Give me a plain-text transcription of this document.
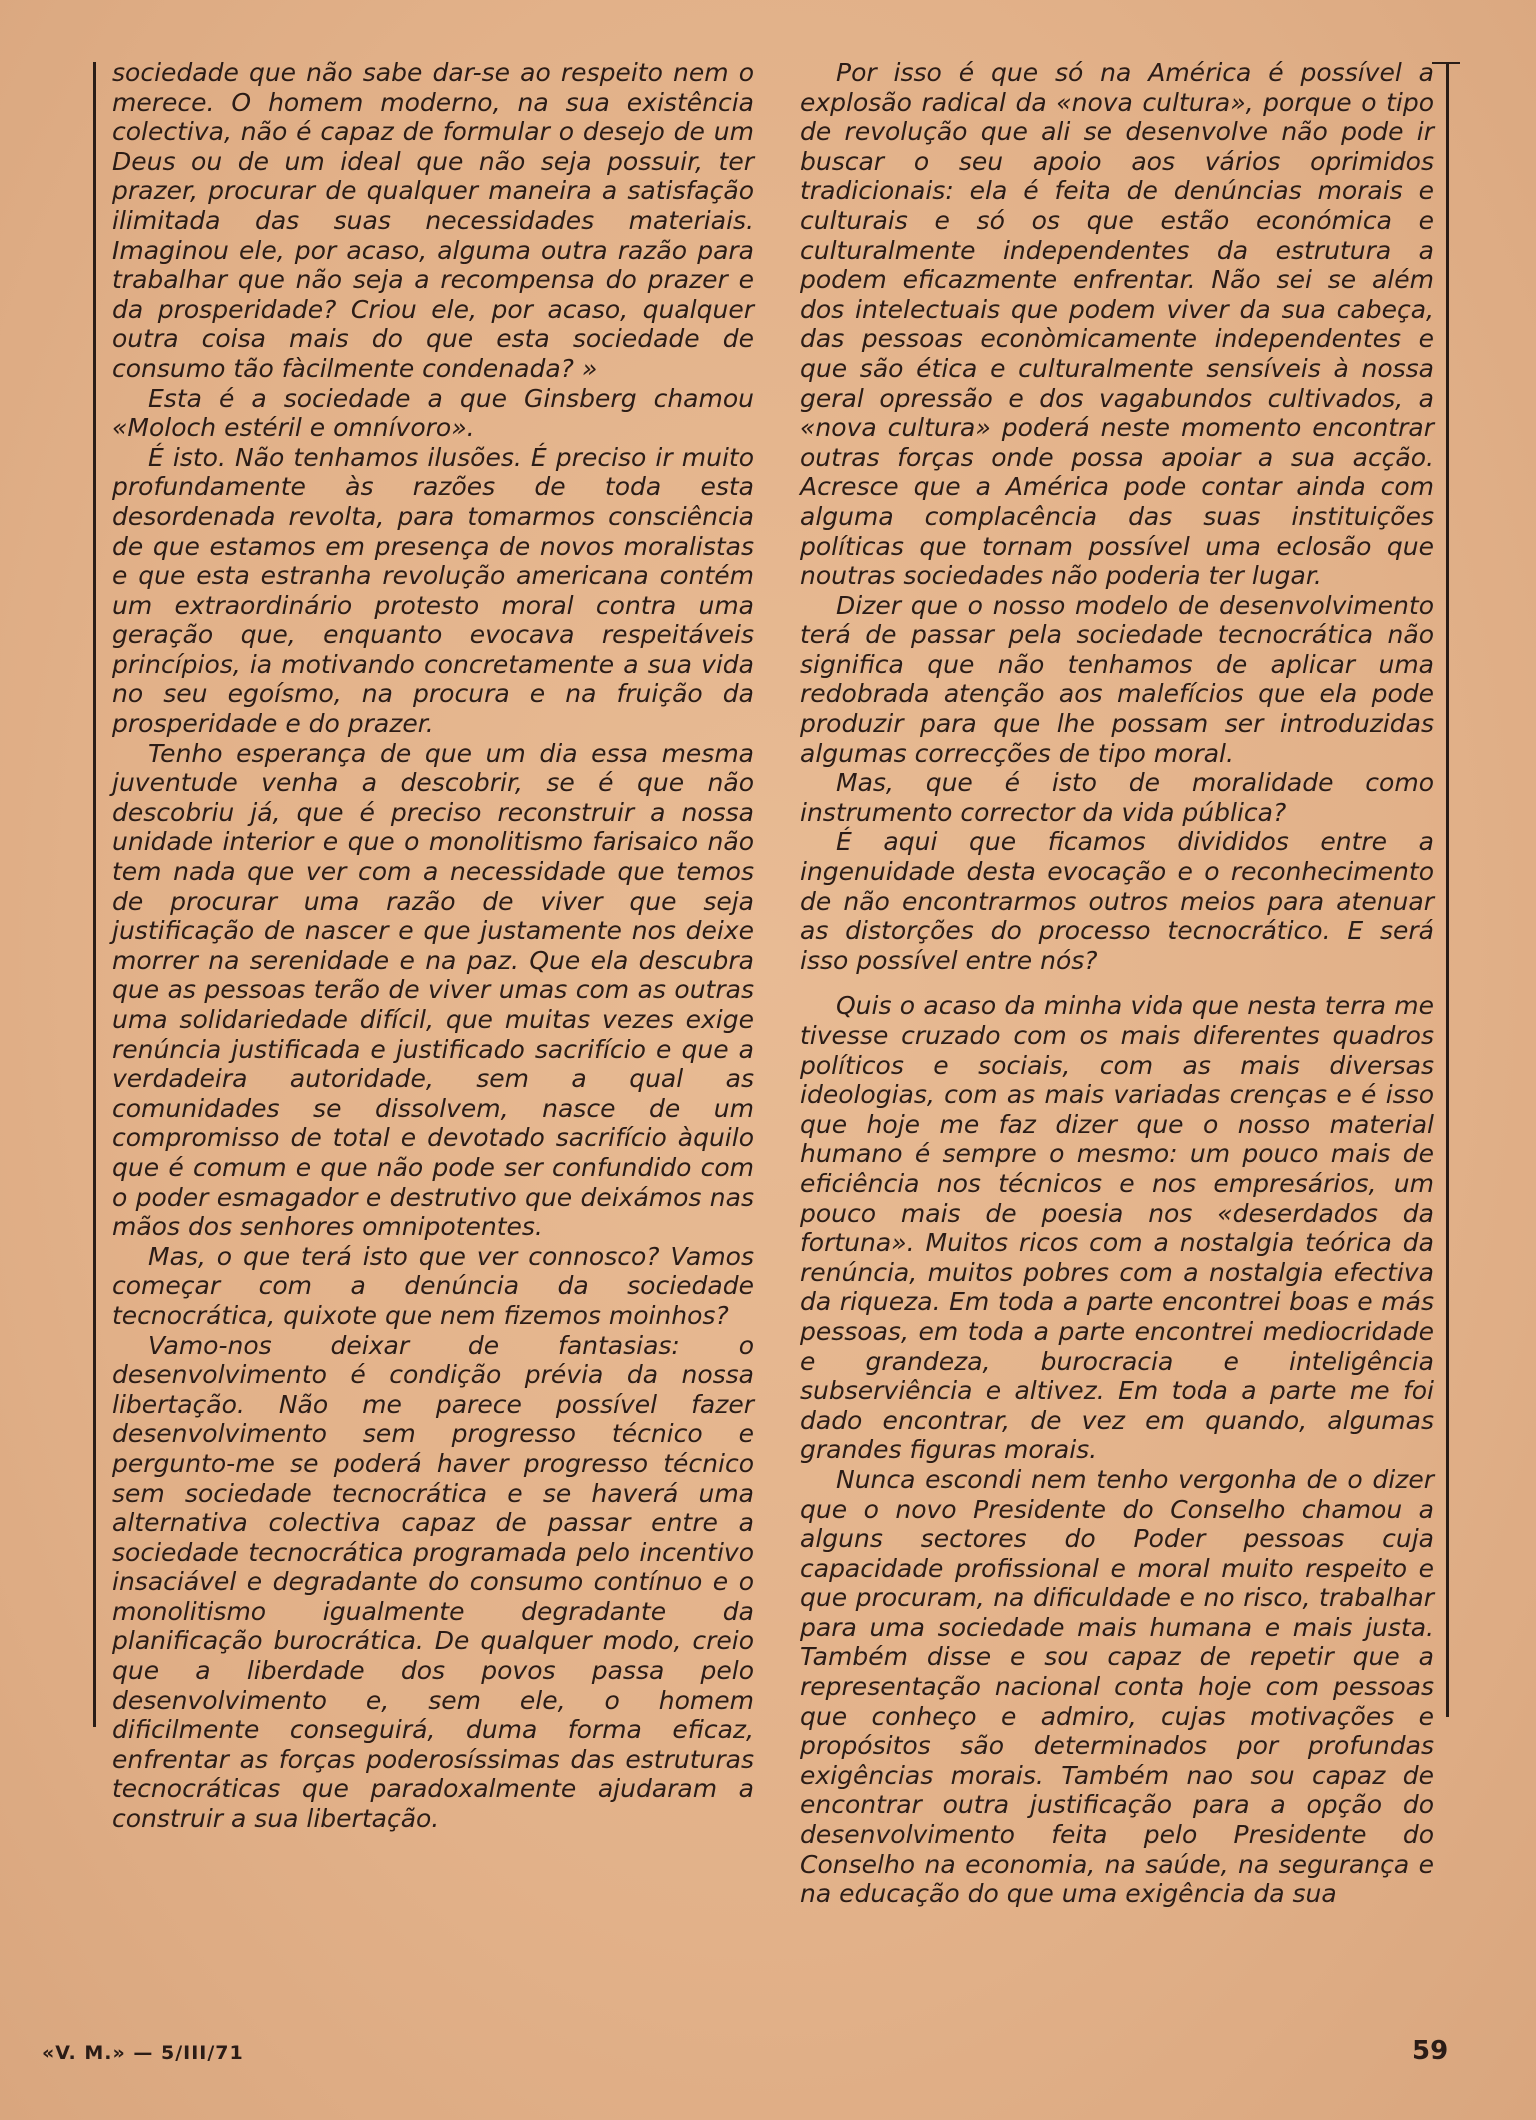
sociedade que não sabe dar-se ao respeito nem o merece. O homem moderno, na sua existência colectiva, não é capaz de formular o desejo de um Deus ou de um ideal que não seja possuir, ter prazer, procurar de qualquer maneira a satisfação ilimitada das suas necessidades materiais. Imaginou ele, por acaso, alguma outra razão para trabalhar que não seja a recompensa do prazer e da prosperidade? Criou ele, por acaso, qualquer outra coisa mais do que esta sociedade de consumo tão fàcilmente condenada? »

Esta é a sociedade a que Ginsberg chamou «Moloch estéril e omnívoro».

É isto. Não tenhamos ilusões. É preciso ir muito profundamente às razões de toda esta desordenada revolta, para tomarmos consciência de que estamos em presença de novos moralistas e que esta estranha revolução americana contém um extraordinário protesto moral contra uma geração que, enquanto evocava respeitáveis princípios, ia motivando concretamente a sua vida no seu egoísmo, na procura e na fruição da prosperidade e do prazer.

Tenho esperança de que um dia essa mesma juventude venha a descobrir, se é que não descobriu já, que é preciso reconstruir a nossa unidade interior e que o monolitismo farisaico não tem nada que ver com a necessidade que temos de procurar uma razão de viver que seja justificação de nascer e que justamente nos deixe morrer na serenidade e na paz. Que ela descubra que as pessoas terão de viver umas com as outras uma solidariedade difícil, que muitas vezes exige renúncia justificada e justificado sacrifício e que a verdadeira autoridade, sem a qual as comunidades se dissolvem, nasce de um compromisso de total e devotado sacrifício àquilo que é comum e que não pode ser confundido com o poder esmagador e destrutivo que deixámos nas mãos dos senhores omnipotentes.

Mas, o que terá isto que ver connosco? Vamos começar com a denúncia da sociedade tecnocrática, quixote que nem fizemos moinhos?

Vamo-nos deixar de fantasias: o desenvolvimento é condição prévia da nossa libertação. Não me parece possível fazer desenvolvimento sem progresso técnico e pergunto-me se poderá haver progresso técnico sem sociedade tecnocrática e se haverá uma alternativa colectiva capaz de passar entre a sociedade tecnocrática programada pelo incentivo insaciável e degradante do consumo contínuo e o monolitismo igualmente degradante da planificação burocrática. De qualquer modo, creio que a liberdade dos povos passa pelo desenvolvimento e, sem ele, o homem dificilmente conseguirá, duma forma eficaz, enfrentar as forças poderosíssimas das estruturas tecnocráticas que paradoxalmente ajudaram a construir a sua libertação.

Por isso é que só na América é possível a explosão radical da «nova cultura», porque o tipo de revolução que ali se desenvolve não pode ir buscar o seu apoio aos vários oprimidos tradicionais: ela é feita de denúncias morais e culturais e só os que estão económica e culturalmente independentes da estrutura a podem eficazmente enfrentar. Não sei se além dos intelectuais que podem viver da sua cabeça, das pessoas econòmicamente independentes e que são ética e culturalmente sensíveis à nossa geral opressão e dos vagabundos cultivados, a «nova cultura» poderá neste momento encontrar outras forças onde possa apoiar a sua acção. Acresce que a América pode contar ainda com alguma complacência das suas instituições políticas que tornam possível uma eclosão que noutras sociedades não poderia ter lugar.

Dizer que o nosso modelo de desenvolvimento terá de passar pela sociedade tecnocrática não significa que não tenhamos de aplicar uma redobrada atenção aos malefícios que ela pode produzir para que lhe possam ser introduzidas algumas correcções de tipo moral.

Mas, que é isto de moralidade como instrumento corrector da vida pública?

É aqui que ficamos divididos entre a ingenuidade desta evocação e o reconhecimento de não encontrarmos outros meios para atenuar as distorções do processo tecnocrático. E será isso possível entre nós?

Quis o acaso da minha vida que nesta terra me tivesse cruzado com os mais diferentes quadros políticos e sociais, com as mais diversas ideologias, com as mais variadas crenças e é isso que hoje me faz dizer que o nosso material humano é sempre o mesmo: um pouco mais de eficiência nos técnicos e nos empresários, um pouco mais de poesia nos «deserdados da fortuna». Muitos ricos com a nostalgia teórica da renúncia, muitos pobres com a nostalgia efectiva da riqueza. Em toda a parte encontrei boas e más pessoas, em toda a parte encontrei mediocridade e grandeza, burocracia e inteligência subserviência e altivez. Em toda a parte me foi dado encontrar, de vez em quando, algumas grandes figuras morais.

Nunca escondi nem tenho vergonha de o dizer que o novo Presidente do Conselho chamou a alguns sectores do Poder pessoas cuja capacidade profissional e moral muito respeito e que procuram, na dificuldade e no risco, trabalhar para uma sociedade mais humana e mais justa. Também disse e sou capaz de repetir que a representação nacional conta hoje com pessoas que conheço e admiro, cujas motivações e propósitos são determinados por profundas exigências morais. Também nao sou capaz de encontrar outra justificação para a opção do desenvolvimento feita pelo Presidente do Conselho na economia, na saúde, na segurança e na educação do que uma exigência da sua

«V. M.» — 5/III/71	59
